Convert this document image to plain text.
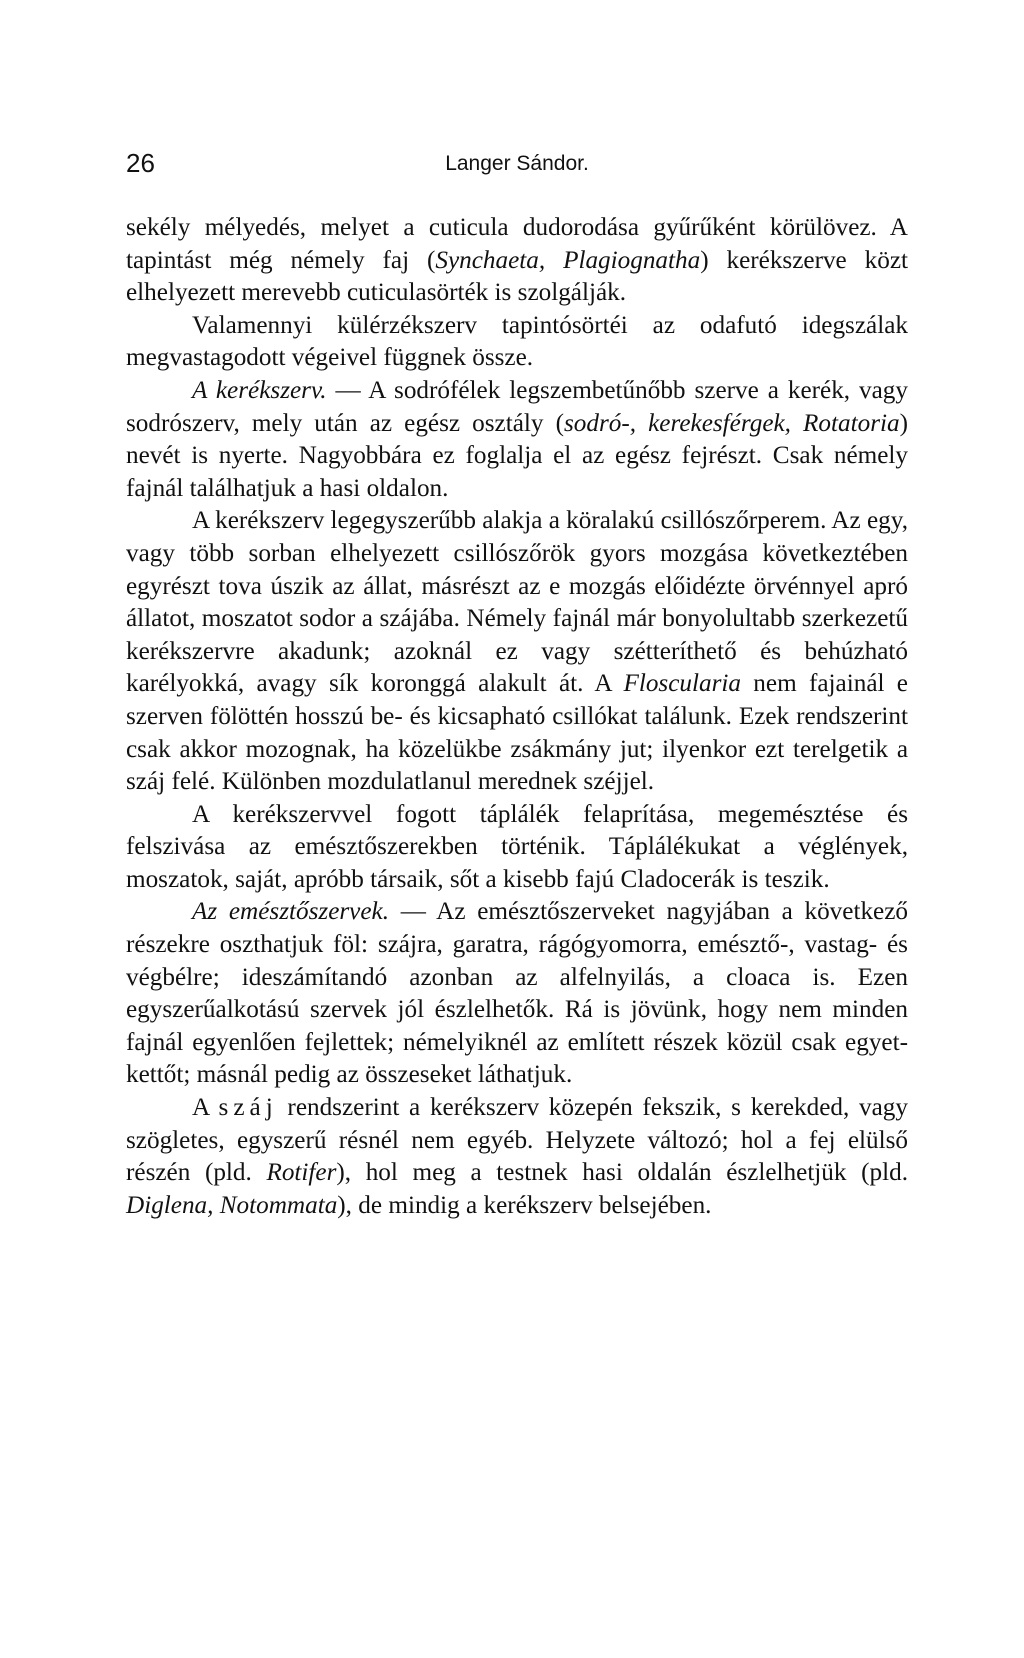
26	Langer Sándor.

sekély mélyedés, melyet a cuticula dudorodása gyűrűként körülövez. A tapintást még némely faj (Synchaeta, Plagiognatha) kerékszerve közt elhelyezett merevebb cuticulasörték is szolgálják.

Valamennyi külérzékszerv tapintósörtéi az odafutó idegszálak megvastagodott végeivel függnek össze.

A kerékszerv. — A sodrófélek legszembetűnőbb szerve a kerék, vagy sodrószerv, mely után az egész osztály (sodró-, kerekesférgek, Rotatoria) nevét is nyerte. Nagyobbára ez foglalja el az egész fejrészt. Csak némely fajnál találhatjuk a hasi oldalon.

A kerékszerv legegyszerűbb alakja a köralakú csillószőrperem. Az egy, vagy több sorban elhelyezett csillószőrök gyors mozgása következtében egyrészt tova úszik az állat, másrészt az e mozgás előidézte örvénnyel apró állatot, moszatot sodor a szájába. Némely fajnál már bonyolultabb szerkezetű kerékszervre akadunk; azoknál ez vagy szétteríthető és behúzható karélyokká, avagy sík koronggá alakult át. A Floscularia nem fajainál e szerven fölöttén hosszú be- és kicsapható csillókat találunk. Ezek rendszerint csak akkor mozognak, ha közelükbe zsákmány jut; ilyenkor ezt terelgetik a száj felé. Különben mozdulatlanul merednek széjjel.

A kerékszervvel fogott táplálék felaprítása, megemésztése és felszivása az emésztőszerekben történik. Táplálékukat a véglények, moszatok, saját, apróbb társaik, sőt a kisebb fajú Cladocerák is teszik.

Az emésztőszervek. — Az emésztőszerveket nagyjában a következő részekre oszthatjuk föl: szájra, garatra, rágógyomorra, emésztő-, vastag- és végbélre; ideszámítandó azonban az alfelnyilás, a cloaca is. Ezen egyszerűalkotású szervek jól észlelhetők. Rá is jövünk, hogy nem minden fajnál egyenlően fejlettek; némelyiknél az említett részek közül csak egyet-kettőt; másnál pedig az összeseket láthatjuk.

A száj rendszerint a kerékszerv közepén fekszik, s kerekded, vagy szögletes, egyszerű résnél nem egyéb. Helyzete változó; hol a fej elülső részén (pld. Rotifer), hol meg a testnek hasi oldalán észlelhetjük (pld. Diglena, Notommata), de mindig a kerékszerv belsejében.
